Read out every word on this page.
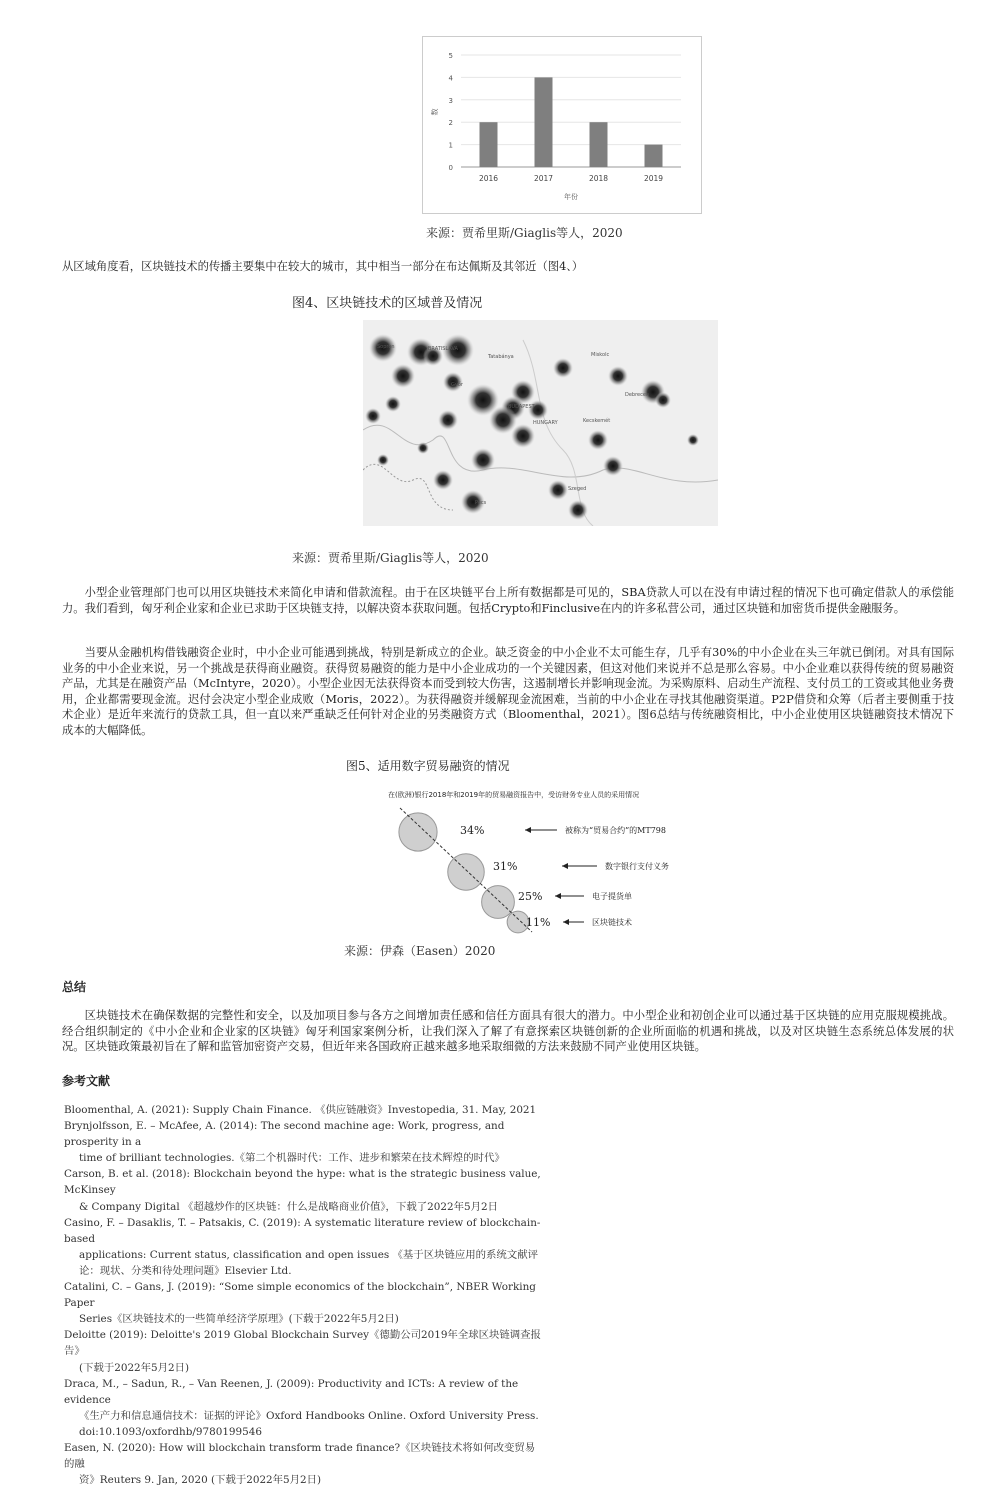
0
1
2
3
4
5
2016	2017	2018	2019
数
年份
来源：贾希里斯/Giaglis等人，2020
从区域角度看，区块链技术的传播主要集中在较大的城市，其中相当一部分在布达佩斯及其邻近（图4、）
图4、区块链技术的区域普及情况
BRATISLAVA
Miskolc
Győr
BUDAPEST
Debrecen
HUNGARY	Kecskemét
Pécs
Szeged
Sopron
Tatabánya
来源：贾希里斯/Giaglis等人，2020
小型企业管理部门也可以用区块链技术来简化申请和借款流程。由于在区块链平台上所有数据都是可见的，SBA贷款人可以在没有申请过程的情况下也可确定借款人的承偿能力。我们看到，匈牙利企业家和企业已求助于区块链支持，以解决资本获取问题。包括Crypto和Finclusive在内的许多私营公司，通过区块链和加密货币提供金融服务。
当要从金融机构借钱融资企业时，中小企业可能遇到挑战，特别是新成立的企业。缺乏资金的中小企业不太可能生存，几乎有30%的中小企业在头三年就已倒闭。对具有国际业务的中小企业来说，另一个挑战是获得商业融资。获得贸易融资的能力是中小企业成功的一个关键因素，但这对他们来说并不总是那么容易。中小企业难以获得传统的贸易融资产品，尤其是在融资产品（McIntyre，2020）。小型企业因无法获得资本而受到较大伤害，这遏制增长并影响现金流。为采购原料、启动生产流程、支付员工的工资或其他业务费用，企业都需要现金流。迟付会决定小型企业成败（Moris，2022）。为获得融资并缓解现金流困难，当前的中小企业在寻找其他融资渠道。P2P借贷和众筹（后者主要侧重于技术企业）是近年来流行的贷款工具，但一直以来严重缺乏任何针对企业的另类融资方式（Bloomenthal，2021）。图6总结与传统融资相比，中小企业使用区块链融资技术情况下成本的大幅降低。
图5、适用数字贸易融资的情况
在(欧洲)银行2018年和2019年的贸易融资报告中，受访财务专业人员的采用情况
34%	被称为“贸易合约”的MT798
31%	数字银行支付义务
25%	电子提货单
11%	区块链技术
来源：伊森（Easen）2020
总结
区块链技术在确保数据的完整性和安全，以及加项目参与各方之间增加责任感和信任方面具有很大的潜力。中小型企业和初创企业可以通过基于区块链的应用克服规模挑战。经合组织制定的《中小企业和企业家的区块链》匈牙利国家案例分析，让我们深入了解了有意探索区块链创新的企业所面临的机遇和挑战，以及对区块链生态系统总体发展的状况。区块链政策最初旨在了解和监管加密资产交易，但近年来各国政府正越来越多地采取细微的方法来鼓励不同产业使用区块链。
参考文献
Bloomenthal, A. (2021): Supply Chain Finance. 《供应链融资》Investopedia, 31. May, 2021
Brynjolfsson, E. – McAfee, A. (2014): The second machine age: Work, progress, and prosperity in a
time of brilliant technologies.《第二个机器时代：工作、进步和繁荣在技术辉煌的时代》
Carson, B. et al. (2018): Blockchain beyond the hype: what is the strategic business value, McKinsey
& Company Digital 《超越炒作的区块链：什么是战略商业价值》，下载了2022年5月2日
Casino, F. – Dasaklis, T. – Patsakis, C. (2019): A systematic literature review of blockchain-based
applications: Current status, classification and open issues 《基于区块链应用的系统文献评论：现状、分类和待处理问题》Elsevier Ltd.
Catalini, C. – Gans, J. (2019): “Some simple economics of the blockchain”, NBER Working Paper
Series《区块链技术的一些简单经济学原理》(下载于2022年5月2日)
Deloitte (2019): Deloitte's 2019 Global Blockchain Survey《德勤公司2019年全球区块链调查报告》
(下载于2022年5月2日)
Draca, M., – Sadun, R., – Van Reenen, J. (2009): Productivity and ICTs: A review of the evidence
《生产力和信息通信技术：证据的评论》Oxford Handbooks Online. Oxford University Press. doi:10.1093/oxfordhb/9780199546
Easen, N. (2020): How will blockchain transform trade finance?《区块链技术将如何改变贸易的融
资》Reuters 9. Jan, 2020 (下载于2022年5月2日)
